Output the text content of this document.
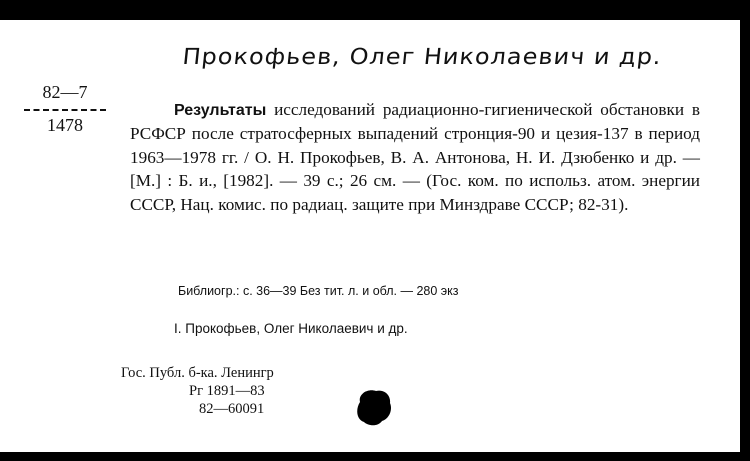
Прокофьев, Олег Николаевич и др.
82—7
1478
Результаты исследований радиационно-гигиенической обстановки в РСФСР после стратосферных выпадений стронция-90 и цезия-137 в период 1963—1978 гг. / О. Н. Прокофьев, В. А. Антонова, Н. И. Дзюбенко и др. — [М.] : Б. и., [1982]. — 39 с.; 26 см. — (Гос. ком. по использ. атом. энергии СССР, Нац. комис. по радиац. защите при Минздраве СССР; 82-31).
Библиогр.: с. 36—39 Без тит. л. и обл. — 280 экз
I. Прокофьев, Олег Николаевич и др.
Гос. Публ. б-ка. Ленингр
Рг 1891—83
82—60091
